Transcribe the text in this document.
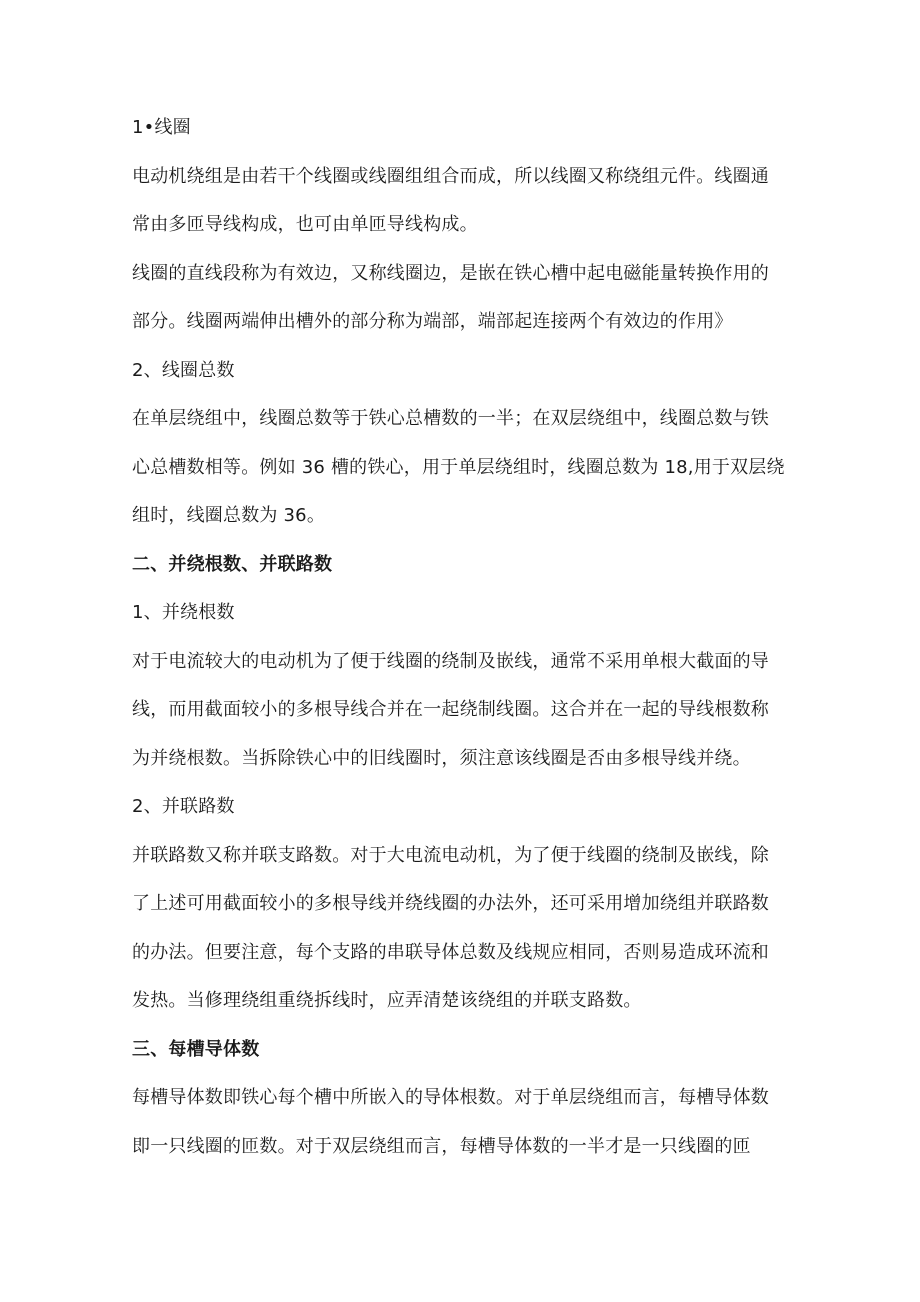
1•线圈
电动机绕组是由若干个线圈或线圈组组合而成，所以线圈又称绕组元件。线圈通
常由多匝导线构成，也可由单匝导线构成。
线圈的直线段称为有效边，又称线圈边，是嵌在铁心槽中起电磁能量转换作用的
部分。线圈两端伸出槽外的部分称为端部，端部起连接两个有效边的作用》
2、线圈总数
在单层绕组中，线圈总数等于铁心总槽数的一半；在双层绕组中，线圈总数与铁
心总槽数相等。例如 36 槽的铁心，用于单层绕组时，线圈总数为 18,用于双层绕
组时，线圈总数为 36。
二、并绕根数、并联路数
1、并绕根数
对于电流较大的电动机为了便于线圈的绕制及嵌线，通常不采用单根大截面的导
线，而用截面较小的多根导线合并在一起绕制线圈。这合并在一起的导线根数称
为并绕根数。当拆除铁心中的旧线圈时，须注意该线圈是否由多根导线并绕。
2、并联路数
并联路数又称并联支路数。对于大电流电动机，为了便于线圈的绕制及嵌线，除
了上述可用截面较小的多根导线并绕线圈的办法外，还可采用增加绕组并联路数
的办法。但要注意，每个支路的串联导体总数及线规应相同，否则易造成环流和
发热。当修理绕组重绕拆线时，应弄清楚该绕组的并联支路数。
三、每槽导体数
每槽导体数即铁心每个槽中所嵌入的导体根数。对于单层绕组而言，每槽导体数
即一只线圈的匝数。对于双层绕组而言，每槽导体数的一半才是一只线圈的匝
